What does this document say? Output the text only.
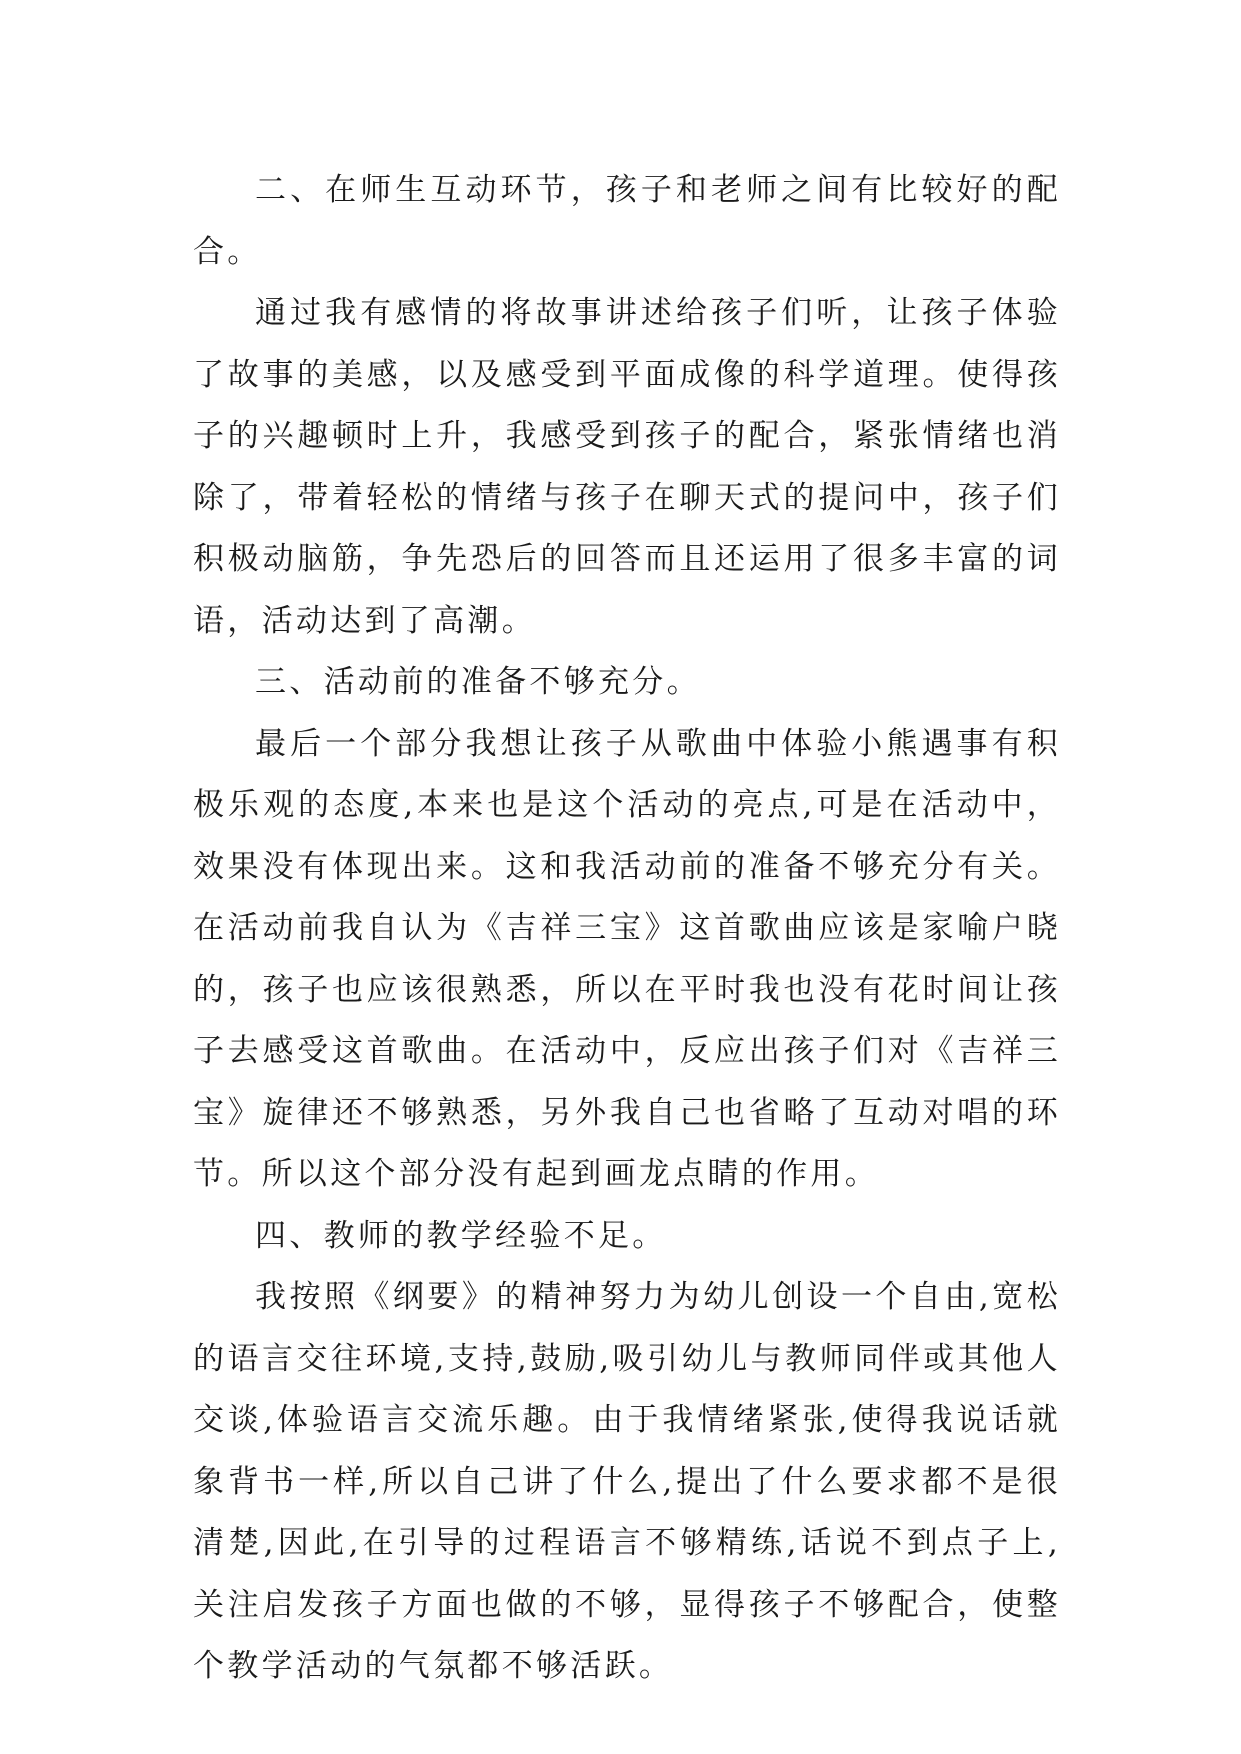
二、在师生互动环节，孩子和老师之间有比较好的配合。

通过我有感情的将故事讲述给孩子们听，让孩子体验了故事的美感，以及感受到平面成像的科学道理。使得孩子的兴趣顿时上升，我感受到孩子的配合，紧张情绪也消除了，带着轻松的情绪与孩子在聊天式的提问中，孩子们积极动脑筋，争先恐后的回答而且还运用了很多丰富的词语，活动达到了高潮。

三、活动前的准备不够充分。

最后一个部分我想让孩子从歌曲中体验小熊遇事有积极乐观的态度,本来也是这个活动的亮点,可是在活动中，效果没有体现出来。这和我活动前的准备不够充分有关。在活动前我自认为《吉祥三宝》这首歌曲应该是家喻户晓的，孩子也应该很熟悉，所以在平时我也没有花时间让孩子去感受这首歌曲。在活动中，反应出孩子们对《吉祥三宝》旋律还不够熟悉，另外我自己也省略了互动对唱的环节。所以这个部分没有起到画龙点睛的作用。

四、教师的教学经验不足。

我按照《纲要》的精神努力为幼儿创设一个自由,宽松的语言交往环境,支持,鼓励,吸引幼儿与教师同伴或其他人交谈,体验语言交流乐趣。由于我情绪紧张,使得我说话就象背书一样,所以自己讲了什么,提出了什么要求都不是很清楚,因此,在引导的过程语言不够精练,话说不到点子上,关注启发孩子方面也做的不够，显得孩子不够配合，使整个教学活动的气氛都不够活跃。
